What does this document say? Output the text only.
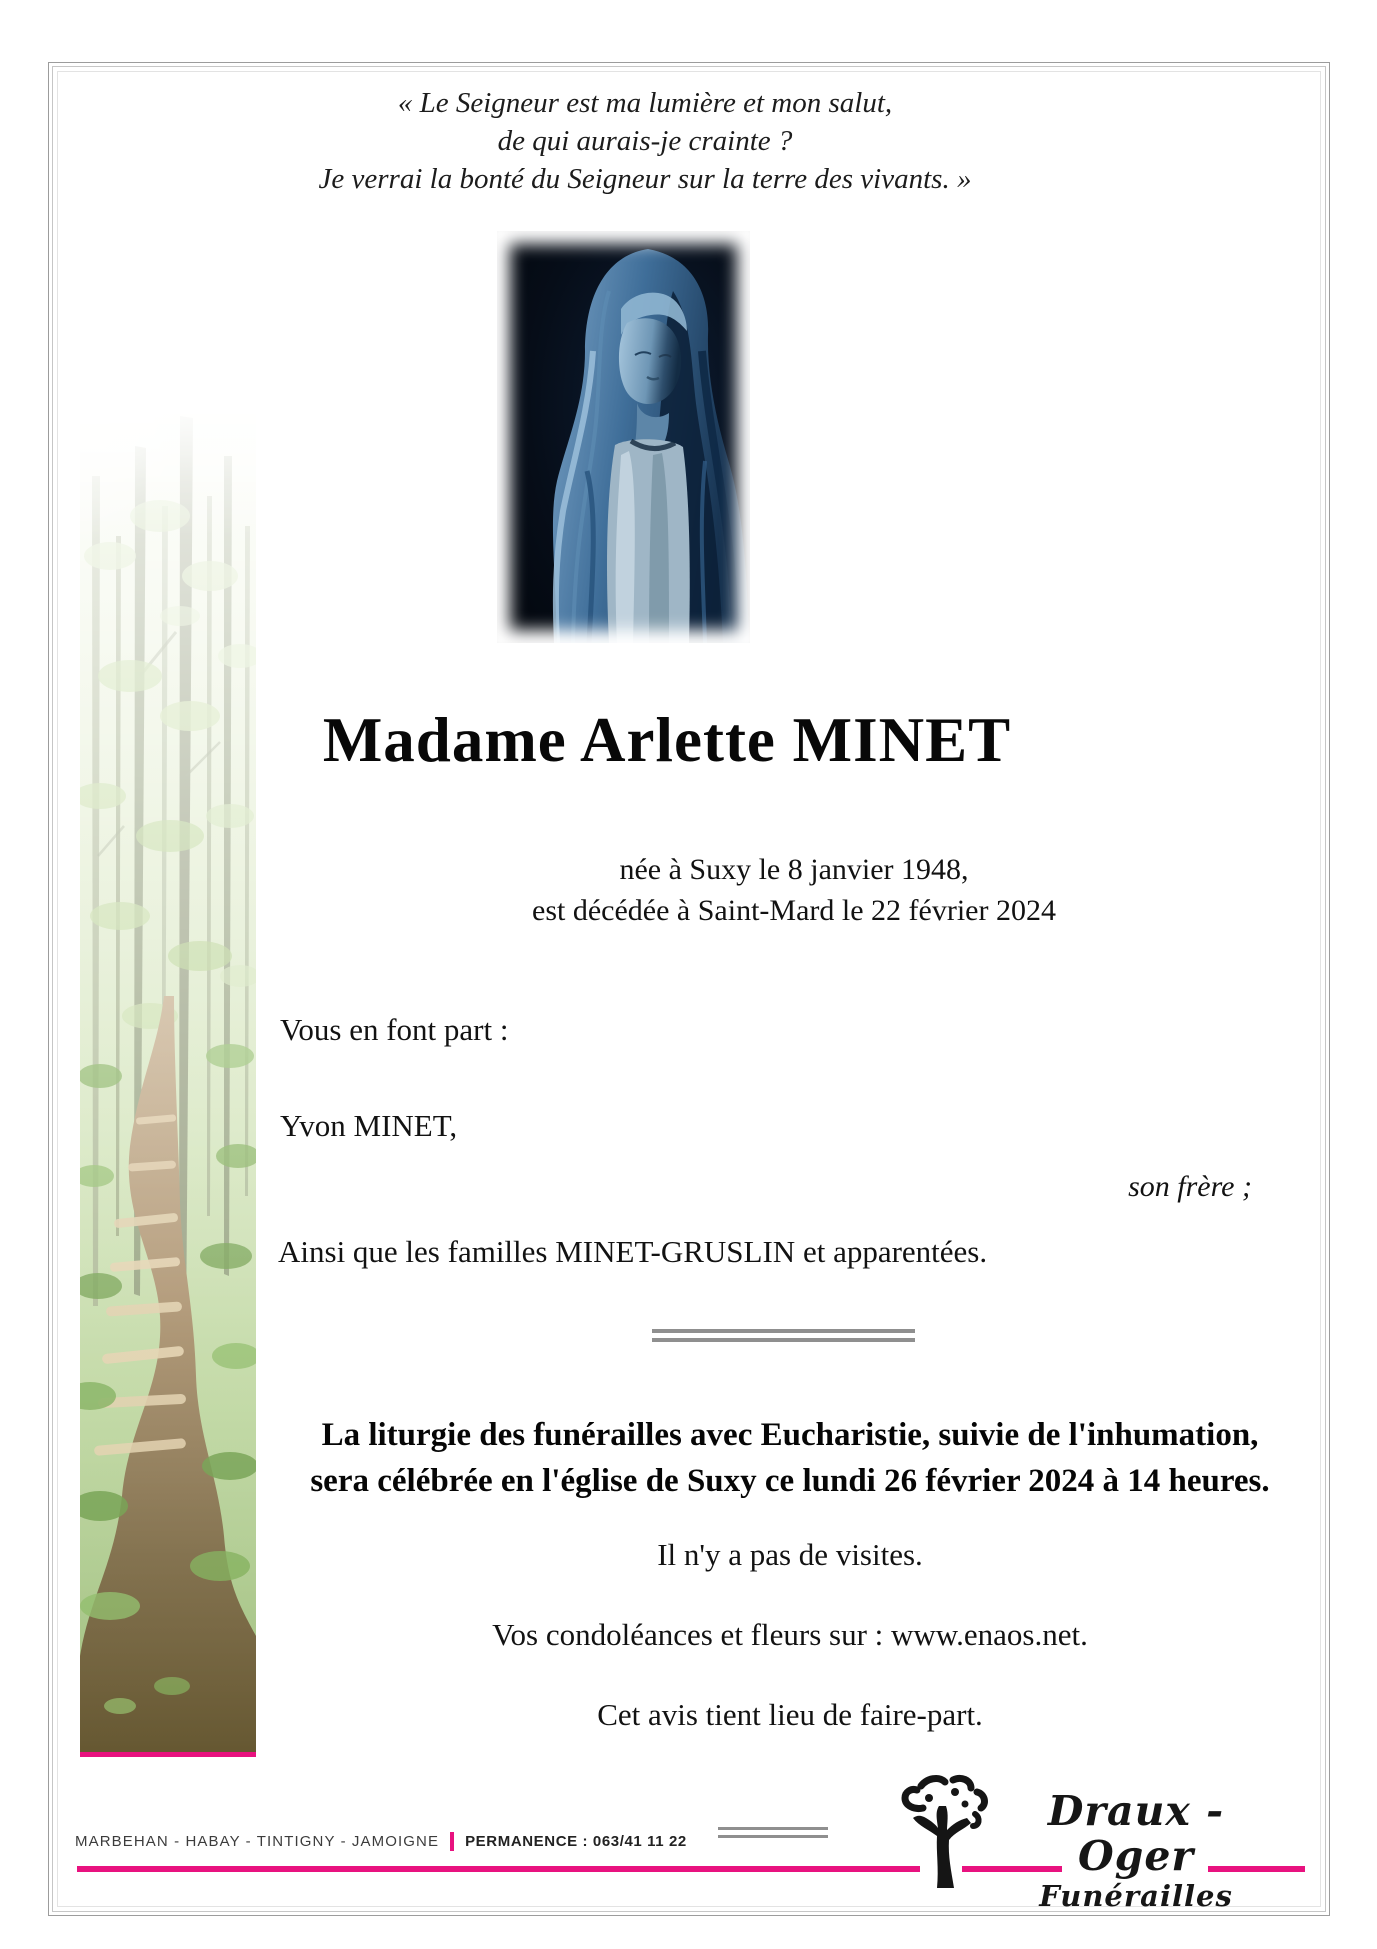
« Le Seigneur est ma lumière et mon salut,
de qui aurais-je crainte ?
Je verrai la bonté du Seigneur sur la terre des vivants. »
Madame Arlette MINET
née à Suxy le 8 janvier 1948,
est décédée à Saint-Mard le 22 février 2024
Vous en font part :
Yvon MINET,
son frère ;
Ainsi que les familles MINET-GRUSLIN et apparentées.
La liturgie des funérailles avec Eucharistie, suivie de l'inhumation,
sera célébrée en l'église de Suxy ce lundi 26 février 2024 à 14 heures.
Il n'y a pas de visites.
Vos condoléances et fleurs sur : www.enaos.net.
Cet avis tient lieu de faire-part.
MARBEHAN - HABAY - TINTIGNY - JAMOIGNE PERMANENCE : 063/41 11 22
Draux - Oger
Funérailles
